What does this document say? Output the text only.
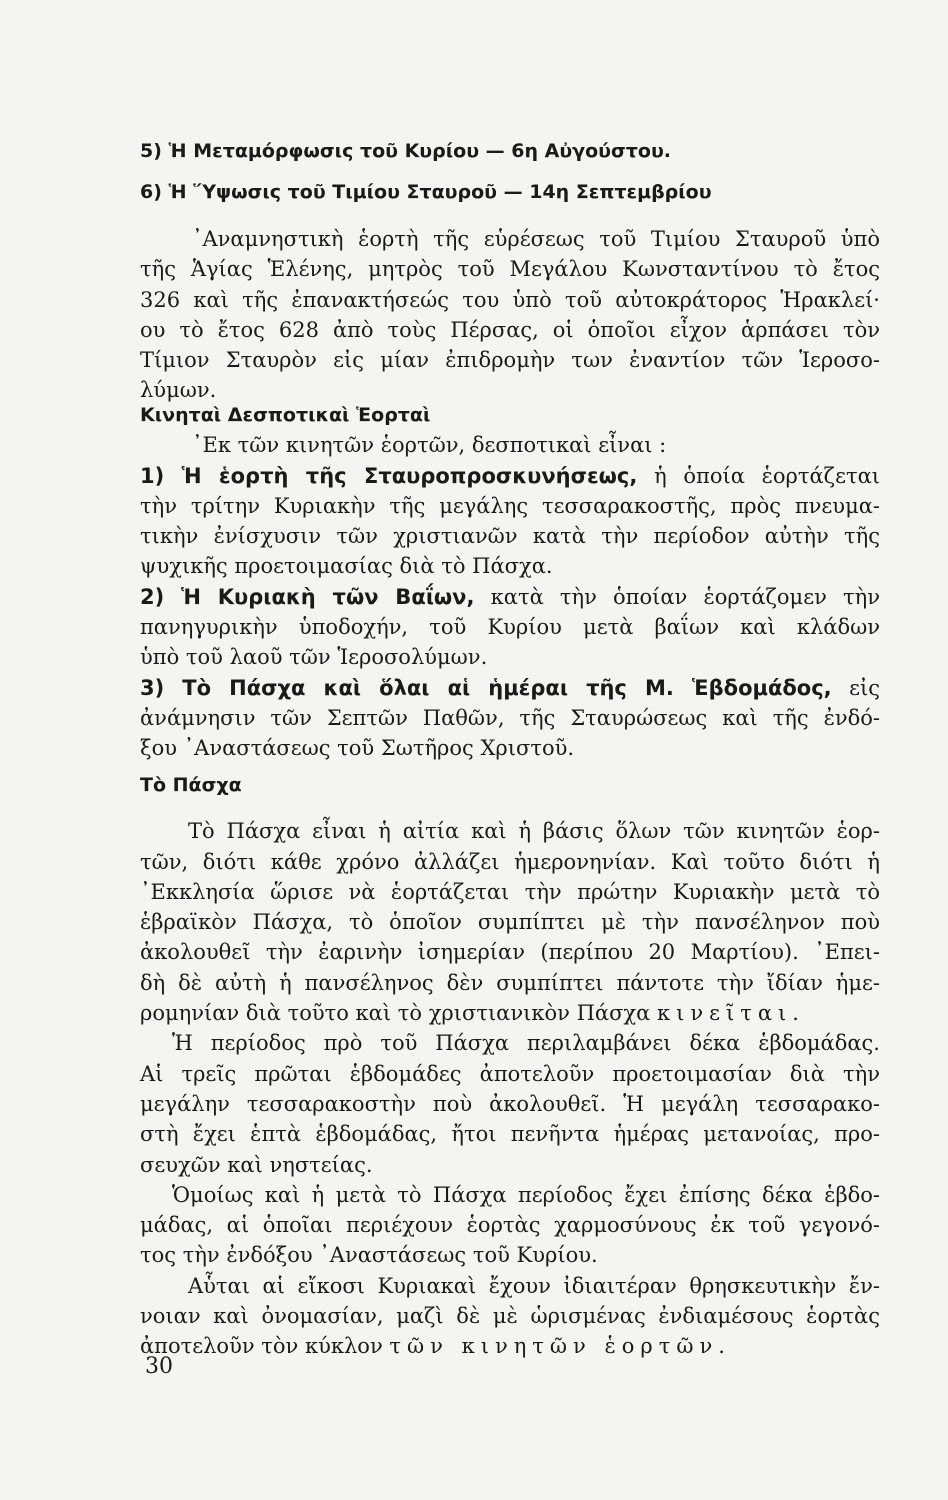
5) Ἡ Μεταμόρφωσις τοῦ Κυρίου — 6η Αὐγούστου.
6) Ἡ Ὕψωσις τοῦ Τιμίου Σταυροῦ — 14η Σεπτεμβρίου
᾿Αναμνηστικὴ ἑορτὴ τῆς εὑρέσεως τοῦ Τιμίου Σταυροῦ ὑπὸ
τῆς Ἁγίας Ἑλένης, μητρὸς τοῦ Μεγάλου Κωνσταντίνου τὸ ἔτος
326 καὶ τῆς ἐπανακτήσεώς του ὑπὸ τοῦ αὐτοκράτορος Ἡρακλεί·
ου τὸ ἔτος 628 ἀπὸ τοὺς Πέρσας, οἱ ὁποῖοι εἶχον ἁρπάσει τὸν
Τίμιον Σταυρὸν εἰς μίαν ἐπιδρομὴν των ἐναντίον τῶν Ἱεροσο-
λύμων.
Κινηταὶ Δεσποτικαὶ Ἑορταὶ
᾿Εκ τῶν κινητῶν ἑορτῶν, δεσποτικαὶ εἶναι :
1) Ἡ ἑορτὴ τῆς Σταυροπροσκυνήσεως, ἡ ὁποία ἑορτάζεται
τὴν τρίτην Κυριακὴν τῆς μεγάλης τεσσαρακοστῆς, πρὸς πνευμα-
τικὴν ἐνίσχυσιν τῶν χριστιανῶν κατὰ τὴν περίοδον αὐτὴν τῆς
ψυχικῆς προετοιμασίας διὰ τὸ Πάσχα.
2) Ἡ Κυριακὴ τῶν Βαΐων, κατὰ τὴν ὁποίαν ἑορτάζομεν τὴν
πανηγυρικὴν ὑποδοχήν, τοῦ Κυρίου μετὰ βαΐων καὶ κλάδων
ὑπὸ τοῦ λαοῦ τῶν Ἱεροσολύμων.
3) Τὸ Πάσχα καὶ ὅλαι αἱ ἡμέραι τῆς Μ. Ἑβδομάδος, εἰς
ἀνάμνησιν τῶν Σεπτῶν Παθῶν, τῆς Σταυρώσεως καὶ τῆς ἐνδό-
ξου ᾿Αναστάσεως τοῦ Σωτῆρος Χριστοῦ.
Τὸ Πάσχα
Τὸ Πάσχα εἶναι ἡ αἰτία καὶ ἡ βάσις ὅλων τῶν κινητῶν ἑορ-
τῶν, διότι κάθε χρόνο ἀλλάζει ἡμερονηνίαν. Καὶ τοῦτο διότι ἡ
᾿Εκκλησία ὥρισε νὰ ἑορτάζεται τὴν πρώτην Κυριακὴν μετὰ τὸ
ἑβραϊκὸν Πάσχα, τὸ ὁποῖον συμπίπτει μὲ τὴν πανσέληνον ποὺ
ἀκολουθεῖ τὴν ἐαρινὴν ἰσημερίαν (περίπου 20 Μαρτίου). ᾿Επει-
δὴ δὲ αὐτὴ ἡ πανσέληνος δὲν συμπίπτει πάντοτε τὴν ἴδίαν ἡμε-
ρομηνίαν διὰ τοῦτο καὶ τὸ χριστιανικὸν Πάσχα κινεῖται.
Ἡ περίοδος πρὸ τοῦ Πάσχα περιλαμβάνει δέκα ἑβδομάδας.
Αἱ τρεῖς πρῶται ἑβδομάδες ἀποτελοῦν προετοιμασίαν διὰ τὴν
μεγάλην τεσσαρακοστὴν ποὺ ἀκολουθεῖ. Ἡ μεγάλη τεσσαρακο-
στὴ ἔχει ἑπτὰ ἑβδομάδας, ἤτοι πενῆντα ἡμέρας μετανοίας, προ-
σευχῶν καὶ νηστείας.
Ὁμοίως καὶ ἡ μετὰ τὸ Πάσχα περίοδος ἔχει ἐπίσης δέκα ἑβδο-
μάδας, αἱ ὁποῖαι περιέχουν ἑορτὰς χαρμοσύνους ἐκ τοῦ γεγονό-
τος τὴν ἐνδόξου ᾿Αναστάσεως τοῦ Κυρίου.
Αὗται αἱ εἴκοσι Κυριακαὶ ἔχουν ἰδιαιτέραν θρησκευτικὴν ἔν-
νοιαν καὶ ὀνομασίαν, μαζὶ δὲ μὲ ὡρισμένας ἐνδιαμέσους ἑορτὰς
ἀποτελοῦν τὸν κύκλον τῶν κινητῶν ἑορτῶν.
30
